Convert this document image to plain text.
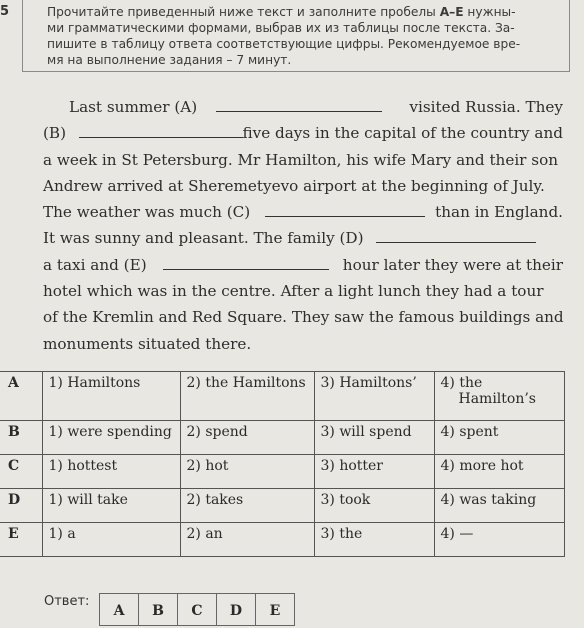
5	Прочитайте приведенный ниже текст и заполните пробелы А–Е нужны-
ми грамматическими формами, выбрав их из таблицы после текста. За-
пишите в таблицу ответа соответствующие цифры. Рекомендуемое вре-
мя на выполнение задания – 7 минут.
Last summer (A)	visited Russia. They
(B)	five days in the capital of the country and
a week in St Petersburg. Mr Hamilton, his wife Mary and their son
Andrew arrived at Sheremetyevo airport at the beginning of July.
The weather was much (C)	than in England.
It was sunny and pleasant. The family (D)
a taxi and (E)	hour later they were at their
hotel which was in the centre. After a light lunch they had a tour
of the Kremlin and Red Square. They saw the famous buildings and
monuments situated there.
A	1) Hamiltons	2) the Hamiltons	3) Hamiltons’	4) the
Hamilton’s

B	1) were spending	2) spend	3) will spend	4) spent

C	1) hottest	2) hot	3) hotter	4) more hot

D	1) will take	2) takes	3) took	4) was taking

E	1) a	2) an	3) the	4) —
Ответ:
A	B	C	D	E
